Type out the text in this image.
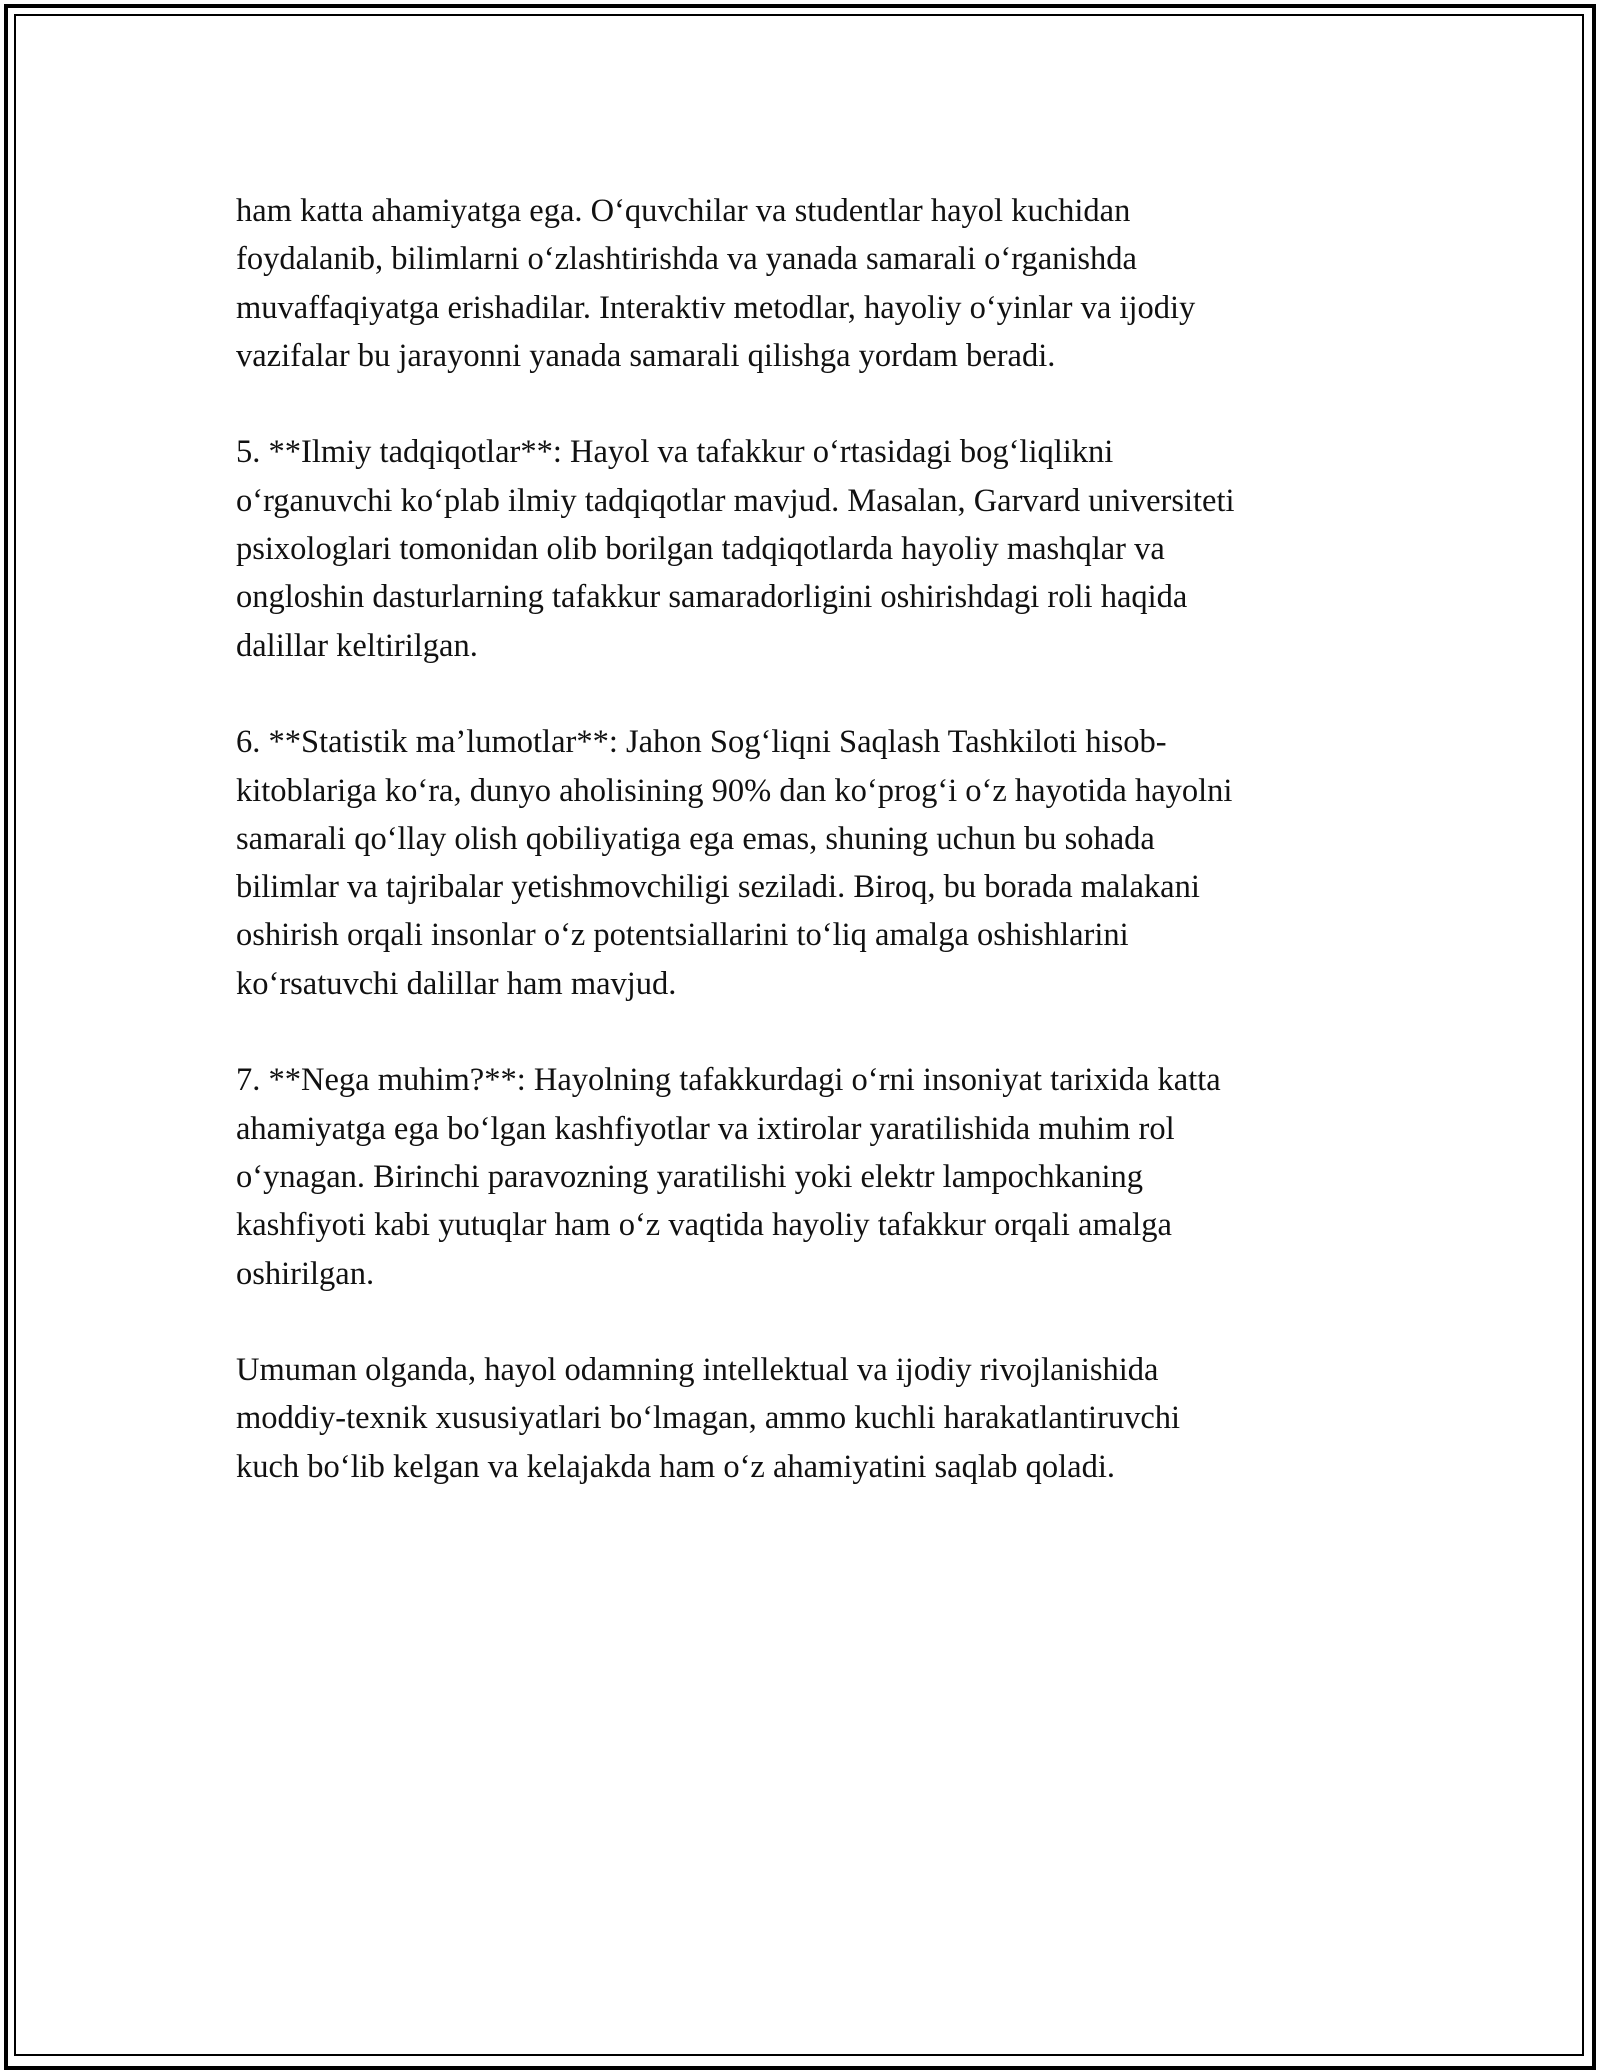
ham katta ahamiyatga ega. O‘quvchilar va studentlar hayol kuchidan
foydalanib, bilimlarni o‘zlashtirishda va yanada samarali o‘rganishda
muvaffaqiyatga erishadilar. Interaktiv metodlar, hayoliy o‘yinlar va ijodiy
vazifalar bu jarayonni yanada samarali qilishga yordam beradi.

5. **Ilmiy tadqiqotlar**: Hayol va tafakkur o‘rtasidagi bog‘liqlikni
o‘rganuvchi ko‘plab ilmiy tadqiqotlar mavjud. Masalan, Garvard universiteti
psixologlari tomonidan olib borilgan tadqiqotlarda hayoliy mashqlar va
ongloshin dasturlarning tafakkur samaradorligini oshirishdagi roli haqida
dalillar keltirilgan.

6. **Statistik ma’lumotlar**: Jahon Sog‘liqni Saqlash Tashkiloti hisob-
kitoblariga ko‘ra, dunyo aholisining 90% dan ko‘prog‘i o‘z hayotida hayolni
samarali qo‘llay olish qobiliyatiga ega emas, shuning uchun bu sohada
bilimlar va tajribalar yetishmovchiligi seziladi. Biroq, bu borada malakani
oshirish orqali insonlar o‘z potentsiallarini to‘liq amalga oshishlarini
ko‘rsatuvchi dalillar ham mavjud.

7. **Nega muhim?**: Hayolning tafakkurdagi o‘rni insoniyat tarixida katta
ahamiyatga ega bo‘lgan kashfiyotlar va ixtirolar yaratilishida muhim rol
o‘ynagan. Birinchi paravozning yaratilishi yoki elektr lampochkaning
kashfiyoti kabi yutuqlar ham o‘z vaqtida hayoliy tafakkur orqali amalga
oshirilgan.

Umuman olganda, hayol odamning intellektual va ijodiy rivojlanishida
moddiy-texnik xususiyatlari bo‘lmagan, ammo kuchli harakatlantiruvchi
kuch bo‘lib kelgan va kelajakda ham o‘z ahamiyatini saqlab qoladi.
